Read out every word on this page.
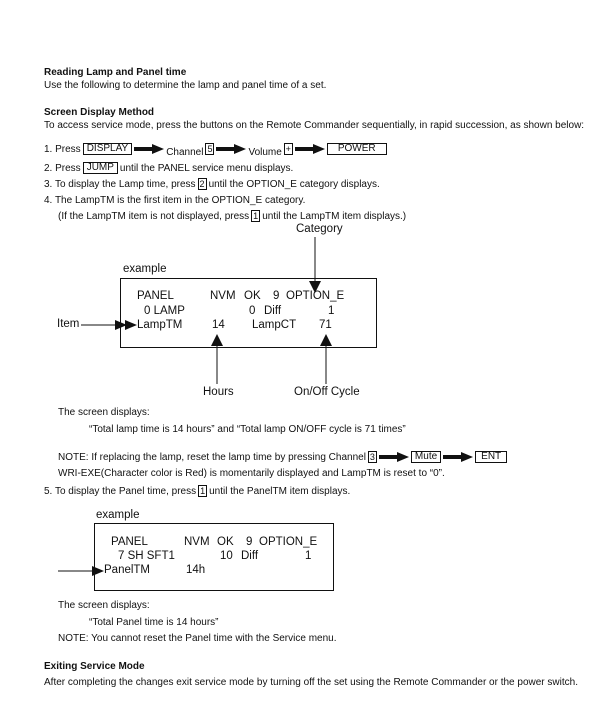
Reading Lamp and Panel time
Use the following to determine the lamp and panel time of a set.
Screen Display Method
To access service mode, press the buttons on the Remote Commander sequentially, in rapid succession, as shown below:
1. Press DISPLAY	Channel 5	Volume +	POWER
2. Press JUMP until the PANEL service menu displays.
3. To display the Lamp time, press 2 until the OPTION_E category displays.
4. The LampTM is the first item in the OPTION_E category.
(If the LampTM item is not displayed, press 1 until the LampTM item displays.)
Category
example
PANEL	NVM OK 9 OPTION_E
0 LAMP	0 Diff	1
LampTM	14 LampCT 71
Item
Hours	On/Off Cycle
The screen displays:
“Total lamp time is 14 hours” and “Total lamp ON/OFF cycle is 71 times”
NOTE: If replacing the lamp, reset the lamp time by pressing Channel 3	Mute	ENT
WRI-EXE(Character color is Red) is momentarily displayed and LampTM is reset to “0”.
5. To display the Panel time, press 1 until the PanelTM item displays.
example
PANEL	NVM OK 9 OPTION_E
7 SH SFT1	10 Diff	1
PanelTM	14h
The screen displays:
“Total Panel time is 14 hours”
NOTE: You cannot reset the Panel time with the Service menu.
Exiting Service Mode
After completing the changes exit service mode by turning off the set using the Remote Commander or the power switch.
